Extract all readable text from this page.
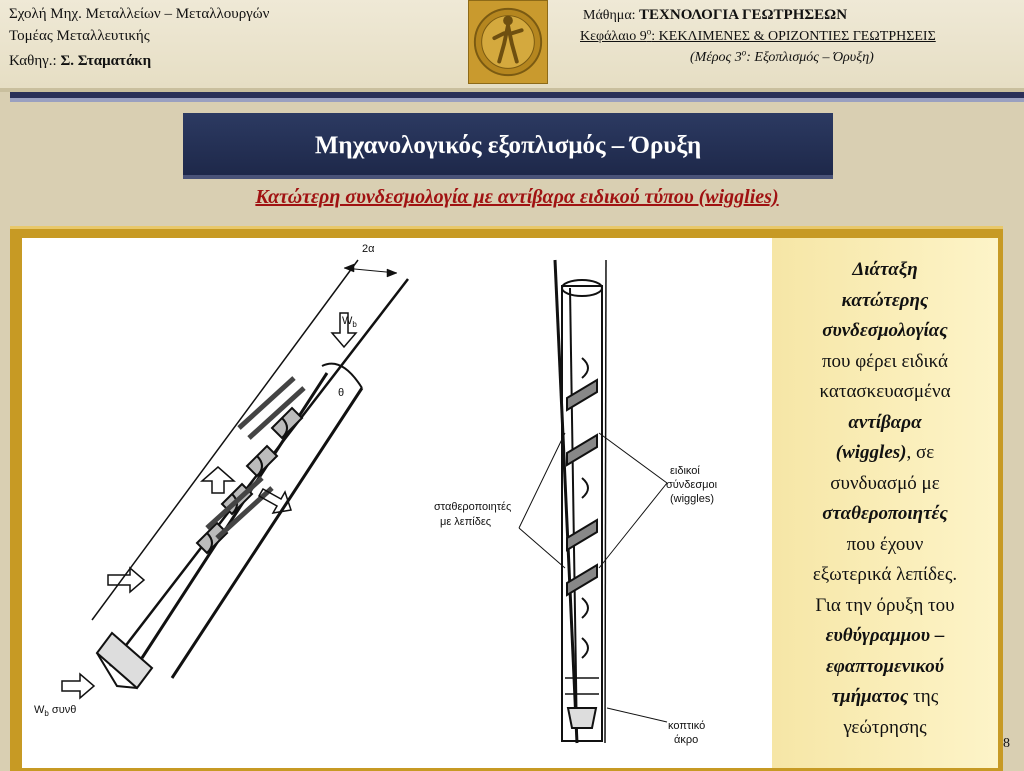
Σχολή Μηχ. Μεταλλείων – Μεταλλουργών
Τομέας Μεταλλευτικής
Καθηγ.: Σ. Σταματάκη
Μάθημα: ΤΕΧΝΟΛΟΓΙΑ ΓΕΩΤΡΗΣΕΩΝ
Κεφάλαιο $9^o$: ΚΕΚΛΙΜΕΝΕΣ & ΟΡΙΖΟΝΤΙΕΣ ΓΕΩΤΡΗΣΕΙΣ
(Μέρος $3^o$: Εξοπλισμός – Όρυξη)
Μηχανολογικός εξοπλισμός – Όρυξη
Κατώτερη συνδεσμολογία με αντίβαρα ειδικού τύπου (wigglies)
2α
$W_b$
θ
$W_b$ συνθ
σταθεροποιητές
με λεπίδες
ειδικοί
σύνδεσμοι
(wiggles)
κοπτικό
άκρο
Διάταξη
κατώτερης
συνδεσμολογίας
που φέρει ειδικά
κατασκευασμένα
αντίβαρα
(wiggles), σε
συνδυασμό με
σταθεροποιητές
που έχουν
εξωτερικά λεπίδες.
Για την όρυξη του
ευθύγραμμου –
εφαπτομενικού
τμήματος της
γεώτρησης
8
